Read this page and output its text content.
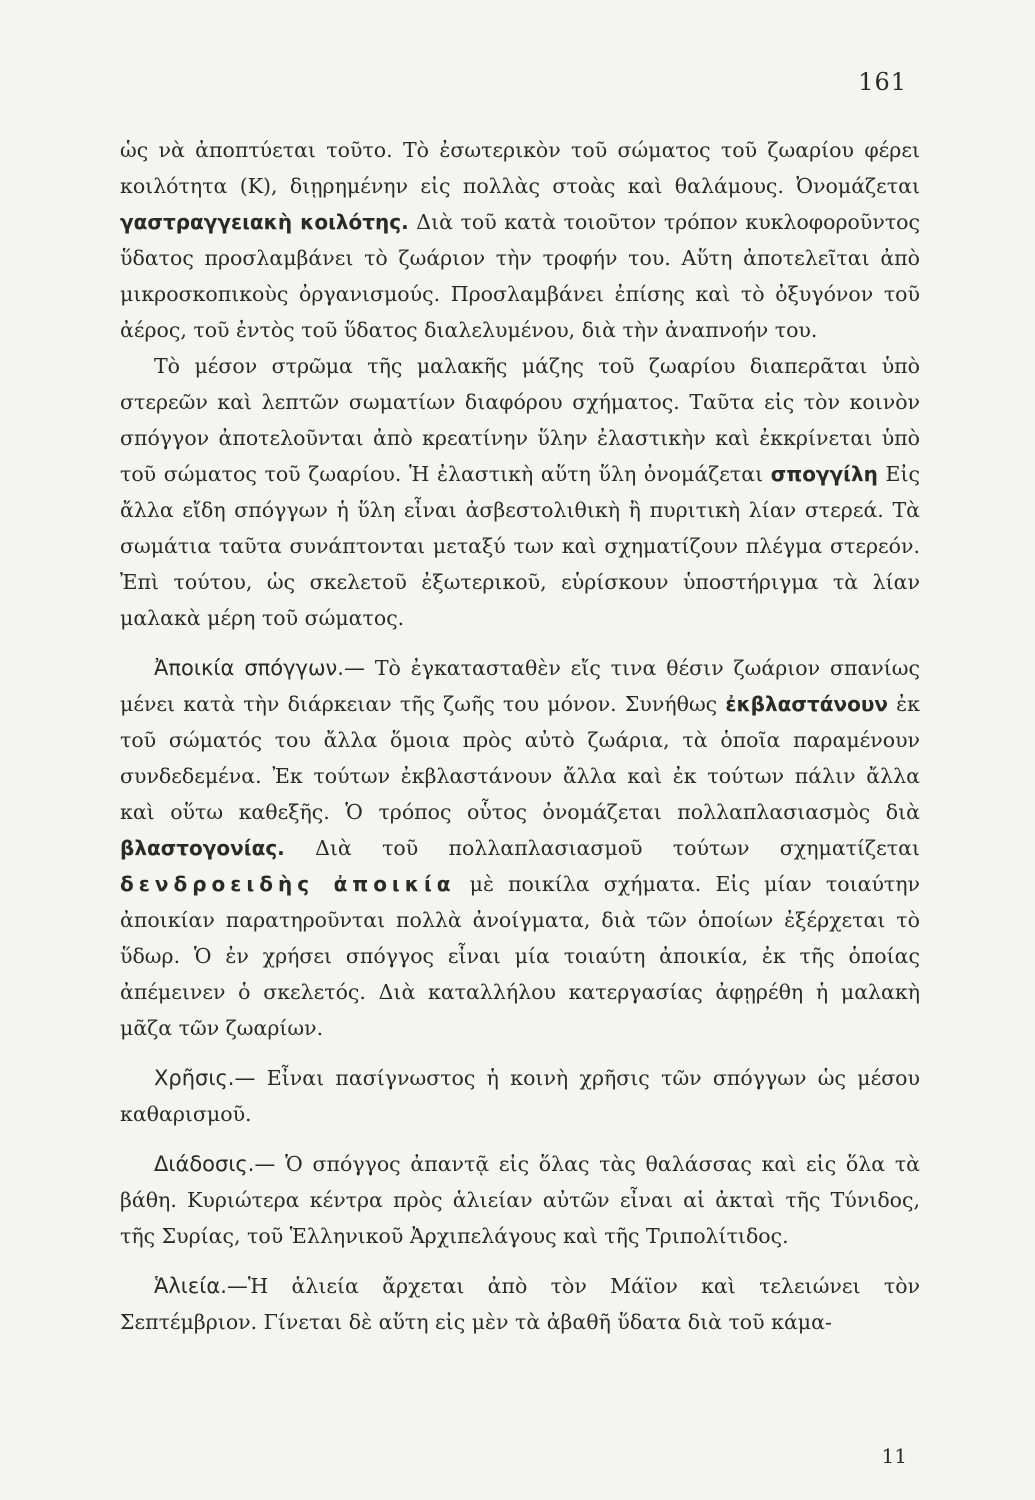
161

ὡς νὰ ἀποπτύεται τοῦτο. Τὸ ἐσωτερικὸν τοῦ σώματος τοῦ ζωαρίου φέρει κοιλότητα (Κ), διῃρημένην εἰς πολλὰς στοὰς καὶ θαλάμους. Ὀνομάζεται γαστραγγειακὴ κοιλότης. Διὰ τοῦ κατὰ τοιοῦτον τρόπον κυκλοφοροῦντος ὕδατος προσλαμβάνει τὸ ζωάριον τὴν τροφήν του. Αὕτη ἀποτελεῖται ἀπὸ μικροσκοπικοὺς ὀργανισμούς. Προσλαμβάνει ἐπίσης καὶ τὸ ὀξυγόνον τοῦ ἀέρος, τοῦ ἐντὸς τοῦ ὕδατος διαλελυμένου, διὰ τὴν ἀναπνοήν του.

Τὸ μέσον στρῶμα τῆς μαλακῆς μάζης τοῦ ζωαρίου διαπερᾶται ὑπὸ στερεῶν καὶ λεπτῶν σωματίων διαφόρου σχήματος. Ταῦτα εἰς τὸν κοινὸν σπόγγον ἀποτελοῦνται ἀπὸ κρεατίνην ὕλην ἐλαστικὴν καὶ ἐκκρίνεται ὑπὸ τοῦ σώματος τοῦ ζωαρίου. Ἡ ἐλαστικὴ αὕτη ὕλη ὀνομάζεται σπογγίλη Εἰς ἄλλα εἴδη σπόγγων ἡ ὕλη εἶναι ἀσβεστολιθικὴ ἢ πυριτικὴ λίαν στερεά. Τὰ σωμάτια ταῦτα συνάπτονται μεταξύ των καὶ σχηματίζουν πλέγμα στερεόν. Ἐπὶ τούτου, ὡς σκελετοῦ ἐξωτερικοῦ, εὑρίσκουν ὑποστήριγμα τὰ λίαν μαλακὰ μέρη τοῦ σώματος.

Ἀποικία σπόγγων.— Τὸ ἐγκατασταθὲν εἴς τινα θέσιν ζωάριον σπανίως μένει κατὰ τὴν διάρκειαν τῆς ζωῆς του μόνον. Συνήθως ἐκβλαστάνουν ἐκ τοῦ σώματός του ἄλλα ὅμοια πρὸς αὐτὸ ζωάρια, τὰ ὁποῖα παραμένουν συνδεδεμένα. Ἐκ τούτων ἐκβλαστάνουν ἄλλα καὶ ἐκ τούτων πάλιν ἄλλα καὶ οὕτω καθεξῆς. Ὁ τρόπος οὗτος ὀνομάζεται πολλαπλασιασμὸς διὰ βλαστογονίας. Διὰ τοῦ πολλαπλασιασμοῦ τούτων σχηματίζεται δενδροειδὴς ἀποικία μὲ ποικίλα σχήματα. Εἰς μίαν τοιαύτην ἀποικίαν παρατηροῦνται πολλὰ ἀνοίγματα, διὰ τῶν ὁποίων ἐξέρχεται τὸ ὕδωρ. Ὁ ἐν χρήσει σπόγγος εἶναι μία τοιαύτη ἀποικία, ἐκ τῆς ὁποίας ἀπέμεινεν ὁ σκελετός. Διὰ καταλλήλου κατεργασίας ἀφῃρέθη ἡ μαλακὴ μᾶζα τῶν ζωαρίων.

Χρῆσις.— Εἶναι πασίγνωστος ἡ κοινὴ χρῆσις τῶν σπόγγων ὡς μέσου καθαρισμοῦ.

Διάδοσις.— Ὁ σπόγγος ἀπαντᾷ εἰς ὅλας τὰς θαλάσσας καὶ εἰς ὅλα τὰ βάθη. Κυριώτερα κέντρα πρὸς ἁλιείαν αὐτῶν εἶναι αἱ ἀκταὶ τῆς Τύνιδος, τῆς Συρίας, τοῦ Ἑλληνικοῦ Ἀρχιπελάγους καὶ τῆς Τριπολίτιδος.

Ἁλιεία.—Ἡ ἁλιεία ἄρχεται ἀπὸ τὸν Μάϊον καὶ τελειώνει τὸν Σεπτέμβριον. Γίνεται δὲ αὕτη εἰς μὲν τὰ ἀβαθῆ ὕδατα διὰ τοῦ κάμα-

11
